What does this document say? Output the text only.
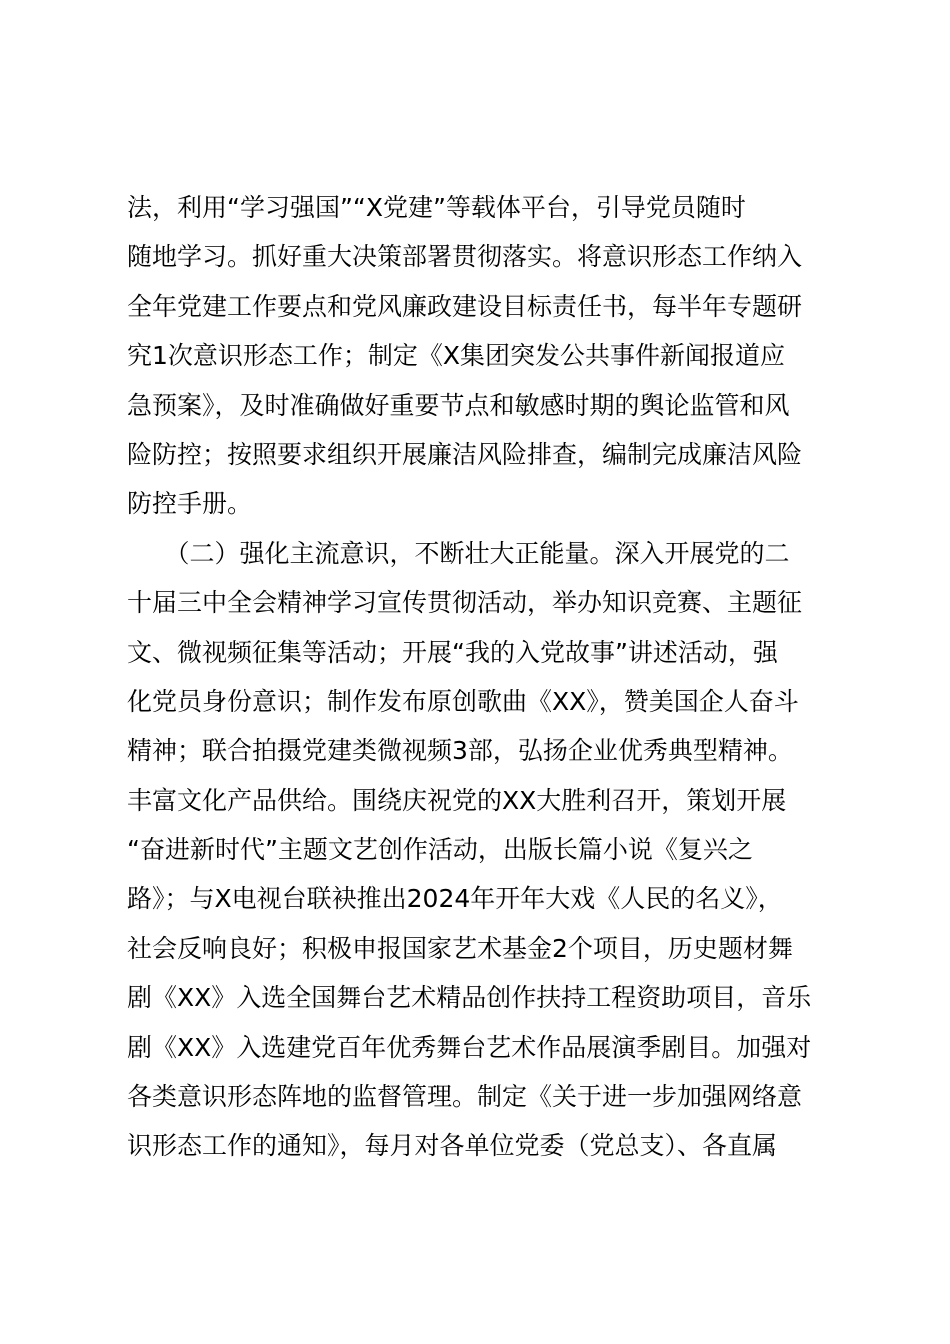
法，利用“学习强国”“X党建”等载体平台，引导党员随时
随地学习。抓好重大决策部署贯彻落实。将意识形态工作纳入
全年党建工作要点和党风廉政建设目标责任书，每半年专题研
究1次意识形态工作；制定《X集团突发公共事件新闻报道应
急预案》，及时准确做好重要节点和敏感时期的舆论监管和风
险防控；按照要求组织开展廉洁风险排查，编制完成廉洁风险
防控手册。
　　（二）强化主流意识，不断壮大正能量。深入开展党的二
十届三中全会精神学习宣传贯彻活动，举办知识竞赛、主题征
文、微视频征集等活动；开展“我的入党故事”讲述活动，强
化党员身份意识；制作发布原创歌曲《XX》，赞美国企人奋斗
精神；联合拍摄党建类微视频3部，弘扬企业优秀典型精神。
丰富文化产品供给。围绕庆祝党的XX大胜利召开，策划开展
“奋进新时代”主题文艺创作活动，出版长篇小说《复兴之
路》；与X电视台联袂推出2024年开年大戏《人民的名义》，
社会反响良好；积极申报国家艺术基金2个项目，历史题材舞
剧《XX》入选全国舞台艺术精品创作扶持工程资助项目，音乐
剧《XX》入选建党百年优秀舞台艺术作品展演季剧目。加强对
各类意识形态阵地的监督管理。制定《关于进一步加强网络意
识形态工作的通知》，每月对各单位党委（党总支）、各直属
